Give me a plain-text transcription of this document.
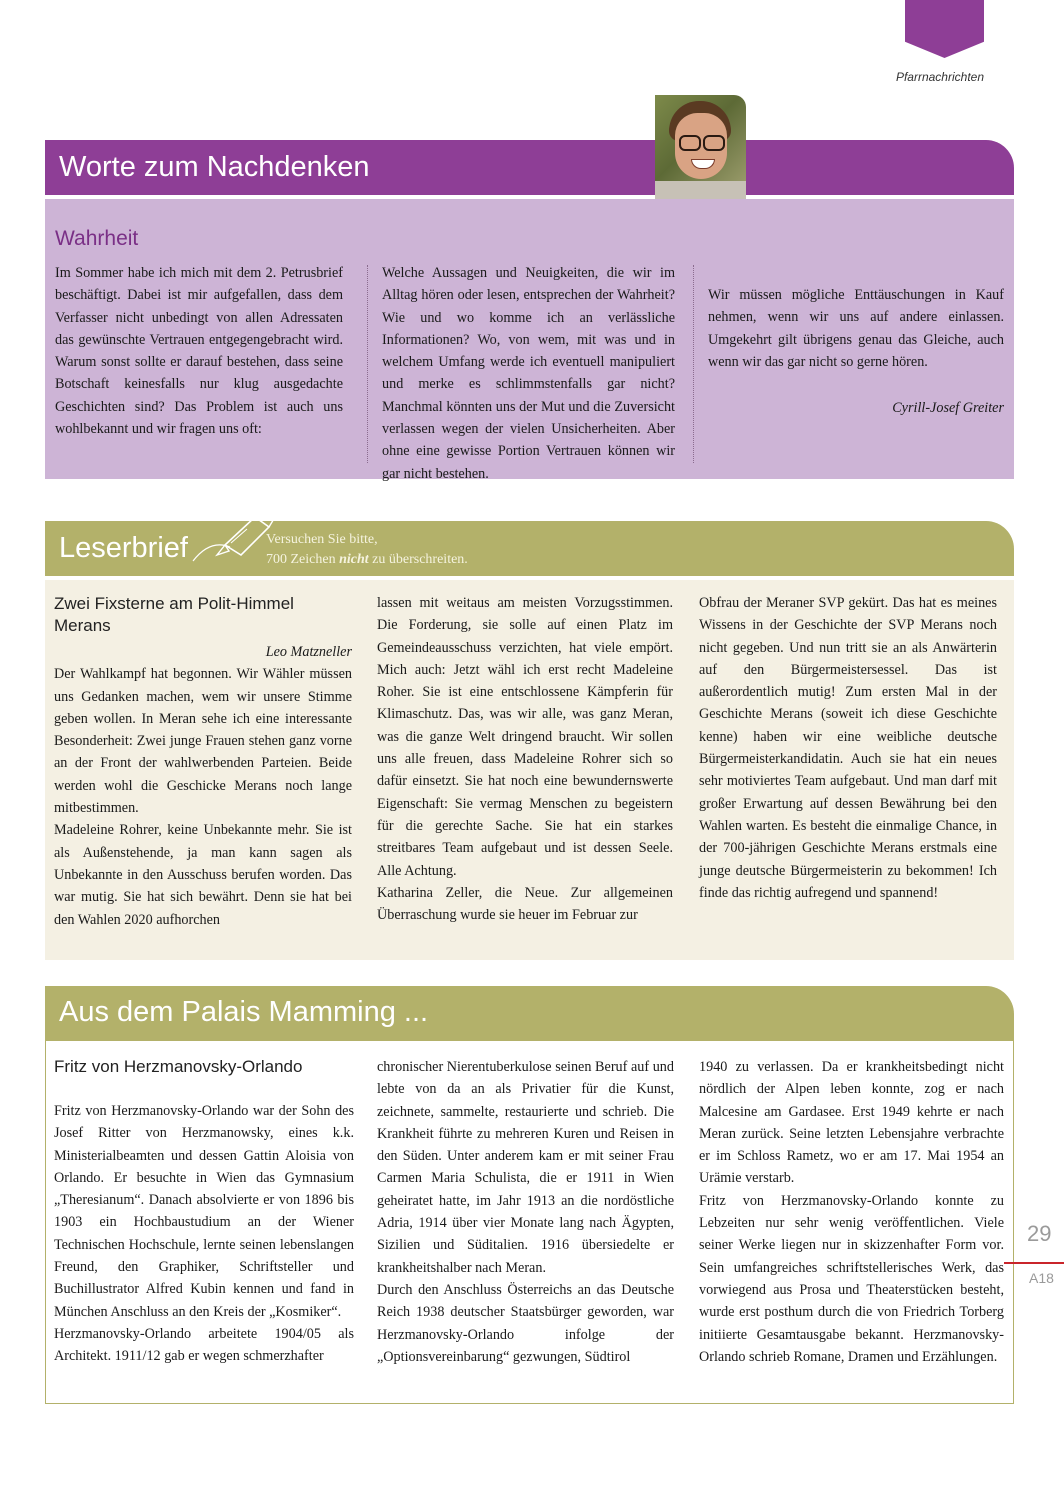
Pfarrnachrichten
Worte zum Nachdenken
Wahrheit

Im Sommer habe ich mich mit dem 2. Petrusbrief beschäftigt. Dabei ist mir aufgefallen, dass dem Verfasser nicht unbedingt von allen Adressaten das gewünschte Vertrauen entgegengebracht wird. Warum sonst sollte er darauf bestehen, dass seine Botschaft keinesfalls nur klug ausgedachte Geschichten sind? Das Problem ist auch uns wohlbekannt und wir fragen uns oft:

Welche Aussagen und Neuigkeiten, die wir im Alltag hören oder lesen, entsprechen der Wahrheit? Wie und wo komme ich an verlässliche Informationen? Wo, von wem, mit was und in welchem Umfang werde ich eventuell manipuliert und merke es schlimmstenfalls gar nicht? Manchmal könnten uns der Mut und die Zuversicht verlassen wegen der vielen Unsicherheiten. Aber ohne eine gewisse Portion Vertrauen können wir gar nicht bestehen.

Wir müssen mögliche Enttäuschungen in Kauf nehmen, wenn wir uns auf andere einlassen. Umgekehrt gilt übrigens genau das Gleiche, auch wenn wir das gar nicht so gerne hören.

Cyrill-Josef Greiter

Leserbrief	Versuchen Sie bitte,
700 Zeichen nicht zu überschreiten.

Zwei Fixsterne am Polit-Himmel Merans

Leo Matzneller

Der Wahlkampf hat begonnen. Wir Wähler müssen uns Gedanken machen, wem wir unsere Stimme geben wollen. In Meran sehe ich eine interessante Besonderheit: Zwei junge Frauen stehen ganz vorne an der Front der wahlwerbenden Parteien. Beide werden wohl die Geschicke Merans noch lange mitbestimmen.

Madeleine Rohrer, keine Unbekannte mehr. Sie ist als Außenstehende, ja man kann sagen als Unbekannte in den Ausschuss berufen worden. Das war mutig. Sie hat sich bewährt. Denn sie hat bei den Wahlen 2020 aufhorchen

lassen mit weitaus am meisten Vorzugsstimmen. Die Forderung, sie solle auf einen Platz im Gemeindeausschuss verzichten, hat viele empört. Mich auch: Jetzt wähl ich erst recht Madeleine Roher. Sie ist eine entschlossene Kämpferin für Klimaschutz. Das, was wir alle, was ganz Meran, was die ganze Welt dringend braucht. Wir sollen uns alle freuen, dass Madeleine Rohrer sich so dafür einsetzt. Sie hat noch eine bewundernswerte Eigenschaft: Sie vermag Menschen zu begeistern für die gerechte Sache. Sie hat ein starkes streitbares Team aufgebaut und ist dessen Seele. Alle Achtung.

Katharina Zeller, die Neue. Zur allgemeinen Überraschung wurde sie heuer im Februar zur

Obfrau der Meraner SVP gekürt. Das hat es meines Wissens in der Geschichte der SVP Merans noch nicht gegeben. Und nun tritt sie an als Anwärterin auf den Bürgermeistersessel. Das ist außerordentlich mutig! Zum ersten Mal in der Geschichte Merans (soweit ich diese Geschichte kenne) haben wir eine weibliche deutsche Bürgermeisterkandidatin. Auch sie hat ein neues sehr motiviertes Team aufgebaut. Und man darf mit großer Erwartung auf dessen Bewährung bei den Wahlen warten. Es besteht die einmalige Chance, in der 700-jährigen Geschichte Merans erstmals eine junge deutsche Bürgermeisterin zu bekommen! Ich finde das richtig aufregend und spannend!

Aus dem Palais Mamming ...

Fritz von Herzmanovsky-Orlando

Fritz von Herzmanovsky-Orlando war der Sohn des Josef Ritter von Herzmanowsky, eines k.k. Ministerialbeamten und dessen Gattin Aloisia von Orlando. Er besuchte in Wien das Gymnasium „Theresianum“. Danach absolvierte er von 1896 bis 1903 ein Hochbaustudium an der Wiener Technischen Hochschule, lernte seinen lebenslangen Freund, den Graphiker, Schriftsteller und Buchillustrator Alfred Kubin kennen und fand in München Anschluss an den Kreis der „Kosmiker“.

Herzmanovsky-Orlando arbeitete 1904/05 als Architekt. 1911/12 gab er wegen schmerzhafter

chronischer Nierentuberkulose seinen Beruf auf und lebte von da an als Privatier für die Kunst, zeichnete, sammelte, restaurierte und schrieb. Die Krankheit führte zu mehreren Kuren und Reisen in den Süden. Unter anderem kam er mit seiner Frau Carmen Maria Schulista, die er 1911 in Wien geheiratet hatte, im Jahr 1913 an die nordöstliche Adria, 1914 über vier Monate lang nach Ägypten, Sizilien und Süditalien. 1916 übersiedelte er krankheitshalber nach Meran.

Durch den Anschluss Österreichs an das Deutsche Reich 1938 deutscher Staatsbürger geworden, war Herzmanovsky-Orlando infolge der „Optionsvereinbarung“ gezwungen, Südtirol

1940 zu verlassen. Da er krankheitsbedingt nicht nördlich der Alpen leben konnte, zog er nach Malcesine am Gardasee. Erst 1949 kehrte er nach Meran zurück. Seine letzten Lebensjahre verbrachte er im Schloss Rametz, wo er am 17. Mai 1954 an Urämie verstarb.

Fritz von Herzmanovsky-Orlando konnte zu Lebzeiten nur sehr wenig veröffentlichen. Viele seiner Werke liegen nur in skizzenhafter Form vor. Sein umfangreiches schriftstellerisches Werk, das vorwiegend aus Prosa und Theaterstücken besteht, wurde erst posthum durch die von Friedrich Torberg initiierte Gesamtausgabe bekannt. Herzmanovsky-Orlando schrieb Romane, Dramen und Erzählungen.

29
A18
